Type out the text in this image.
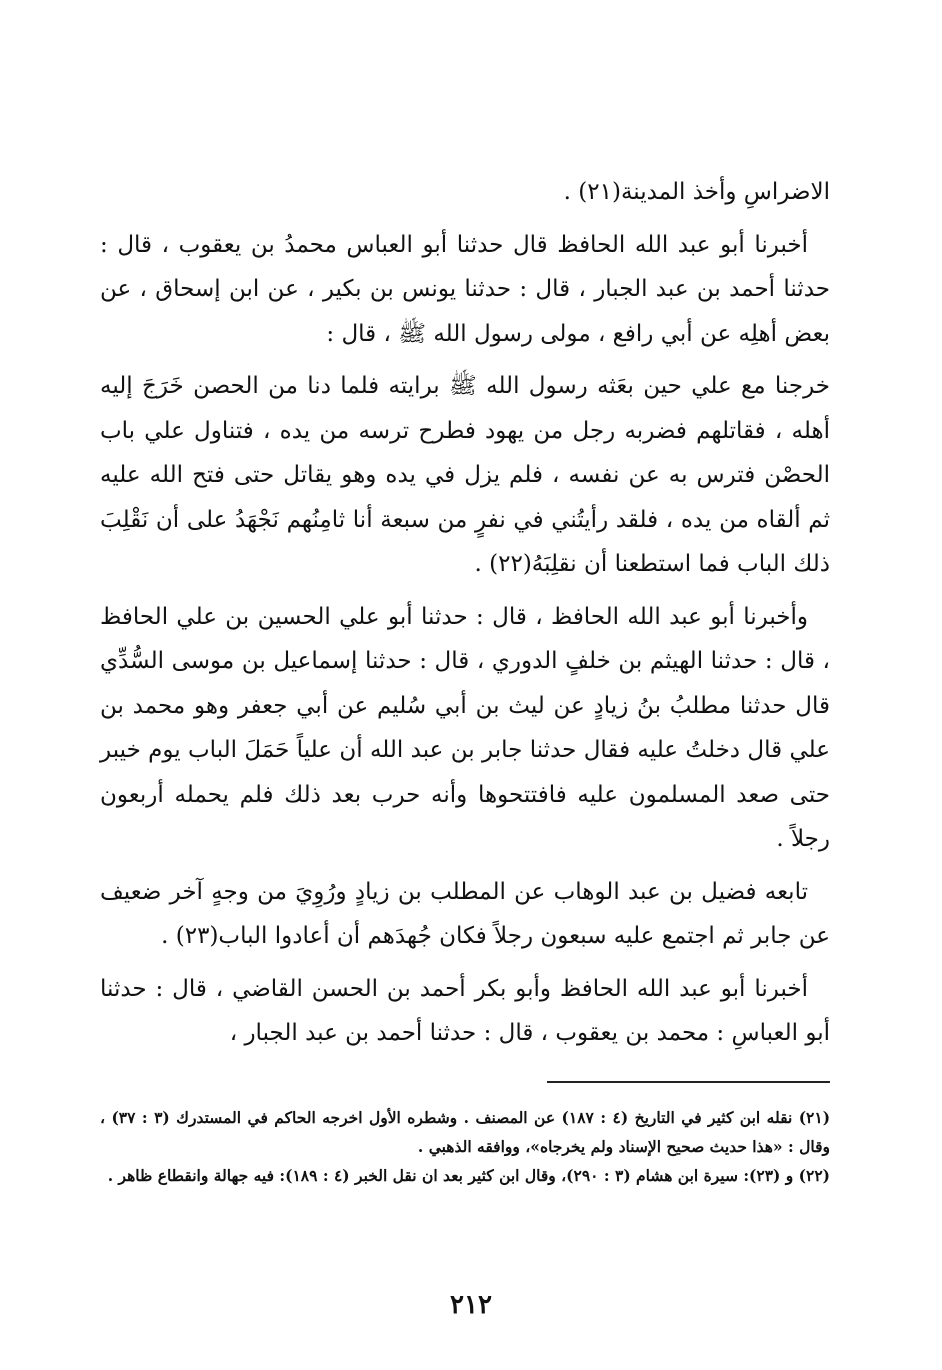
الاضراسِ وأخذ المدينة(٢١) .

أخبرنا أبو عبد الله الحافظ قال حدثنا أبو العباس محمدُ بن يعقوب ، قال : حدثنا أحمد بن عبد الجبار ، قال : حدثنا يونس بن بكير ، عن ابن إسحاق ، عن بعض أهلِه عن أبي رافع ، مولى رسول الله ﷺ ، قال :

خرجنا مع علي حين بعَثه رسول الله ﷺ برايته فلما دنا من الحصن خَرَجَ إليه أهله ، فقاتلهم فضربه رجل من يهود فطرح ترسه من يده ، فتناول علي باب الحصْن فترس به عن نفسه ، فلم يزل في يده وهو يقاتل حتى فتح الله عليه ثم ألقاه من يده ، فلقد رأيتُني في نفرٍ من سبعة أنا ثامِنُهم نَجْهَدُ على أن نَقْلِبَ ذلك الباب فما استطعنا أن نقلِبَهُ(٢٢) .

وأخبرنا أبو عبد الله الحافظ ، قال : حدثنا أبو علي الحسين بن علي الحافظ ، قال : حدثنا الهيثم بن خلفٍ الدوري ، قال : حدثنا إسماعيل بن موسى السُّدِّي قال حدثنا مطلبُ بنُ زيادٍ عن ليث بن أبي سُليم عن أبي جعفر وهو محمد بن علي قال دخلتُ عليه فقال حدثنا جابر بن عبد الله أن علياً حَمَلَ الباب يوم خيبر حتى صعد المسلمون عليه فافتتحوها وأنه حرب بعد ذلك فلم يحمله أربعون رجلاً .

تابعه فضيل بن عبد الوهاب عن المطلب بن زيادٍ ورُوِيَ من وجهٍ آخر ضعيف عن جابر ثم اجتمع عليه سبعون رجلاً فكان جُهدَهم أن أعادوا الباب(٢٣) .

أخبرنا أبو عبد الله الحافظ وأبو بكر أحمد بن الحسن القاضي ، قال : حدثنا أبو العباسِ : محمد بن يعقوب ، قال : حدثنا أحمد بن عبد الجبار ،

(٢١) نقله ابن كثير في التاريخ (٤ : ١٨٧) عن المصنف . وشطره الأول اخرجه الحاكم في المستدرك (٣ : ٣٧) ، وقال : «هذا حديث صحيح الإسناد ولم يخرجاه»، ووافقه الذهبي .

(٢٢) و (٢٣): سيرة ابن هشام (٣ : ٢٩٠)، وقال ابن كثير بعد ان نقل الخبر (٤ : ١٨٩): فيه جهالة وانقطاع ظاهر .

٢١٢
